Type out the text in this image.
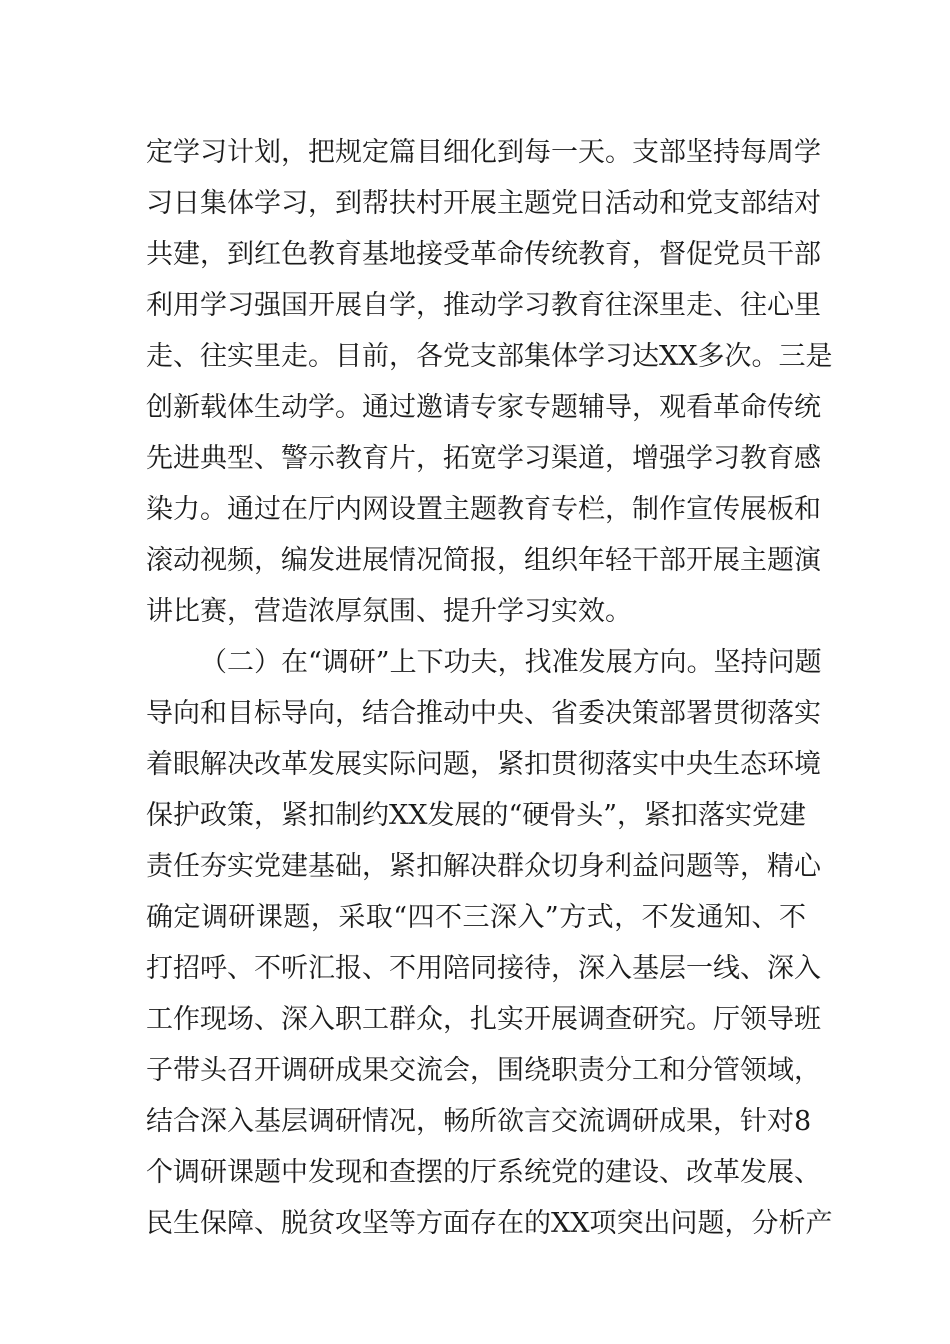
定学习计划，把规定篇目细化到每一天。支部坚持每周学
习日集体学习，到帮扶村开展主题党日活动和党支部结对
共建，到红色教育基地接受革命传统教育，督促党员干部
利用学习强国开展自学，推动学习教育往深里走、往心里
走、往实里走。目前，各党支部集体学习达XX多次。三是
创新载体生动学。通过邀请专家专题辅导，观看革命传统
先进典型、警示教育片，拓宽学习渠道，增强学习教育感
染力。通过在厅内网设置主题教育专栏，制作宣传展板和
滚动视频，编发进展情况简报，组织年轻干部开展主题演
讲比赛，营造浓厚氛围、提升学习实效。
（二）在“调研”上下功夫，找准发展方向。坚持问题
导向和目标导向，结合推动中央、省委决策部署贯彻落实
着眼解决改革发展实际问题，紧扣贯彻落实中央生态环境
保护政策，紧扣制约XX发展的“硬骨头”，紧扣落实党建
责任夯实党建基础，紧扣解决群众切身利益问题等，精心
确定调研课题，采取“四不三深入”方式，不发通知、不
打招呼、不听汇报、不用陪同接待，深入基层一线、深入
工作现场、深入职工群众，扎实开展调查研究。厅领导班
子带头召开调研成果交流会，围绕职责分工和分管领域，
结合深入基层调研情况，畅所欲言交流调研成果，针对8
个调研课题中发现和查摆的厅系统党的建设、改革发展、
民生保障、脱贫攻坚等方面存在的XX项突出问题，分析产
